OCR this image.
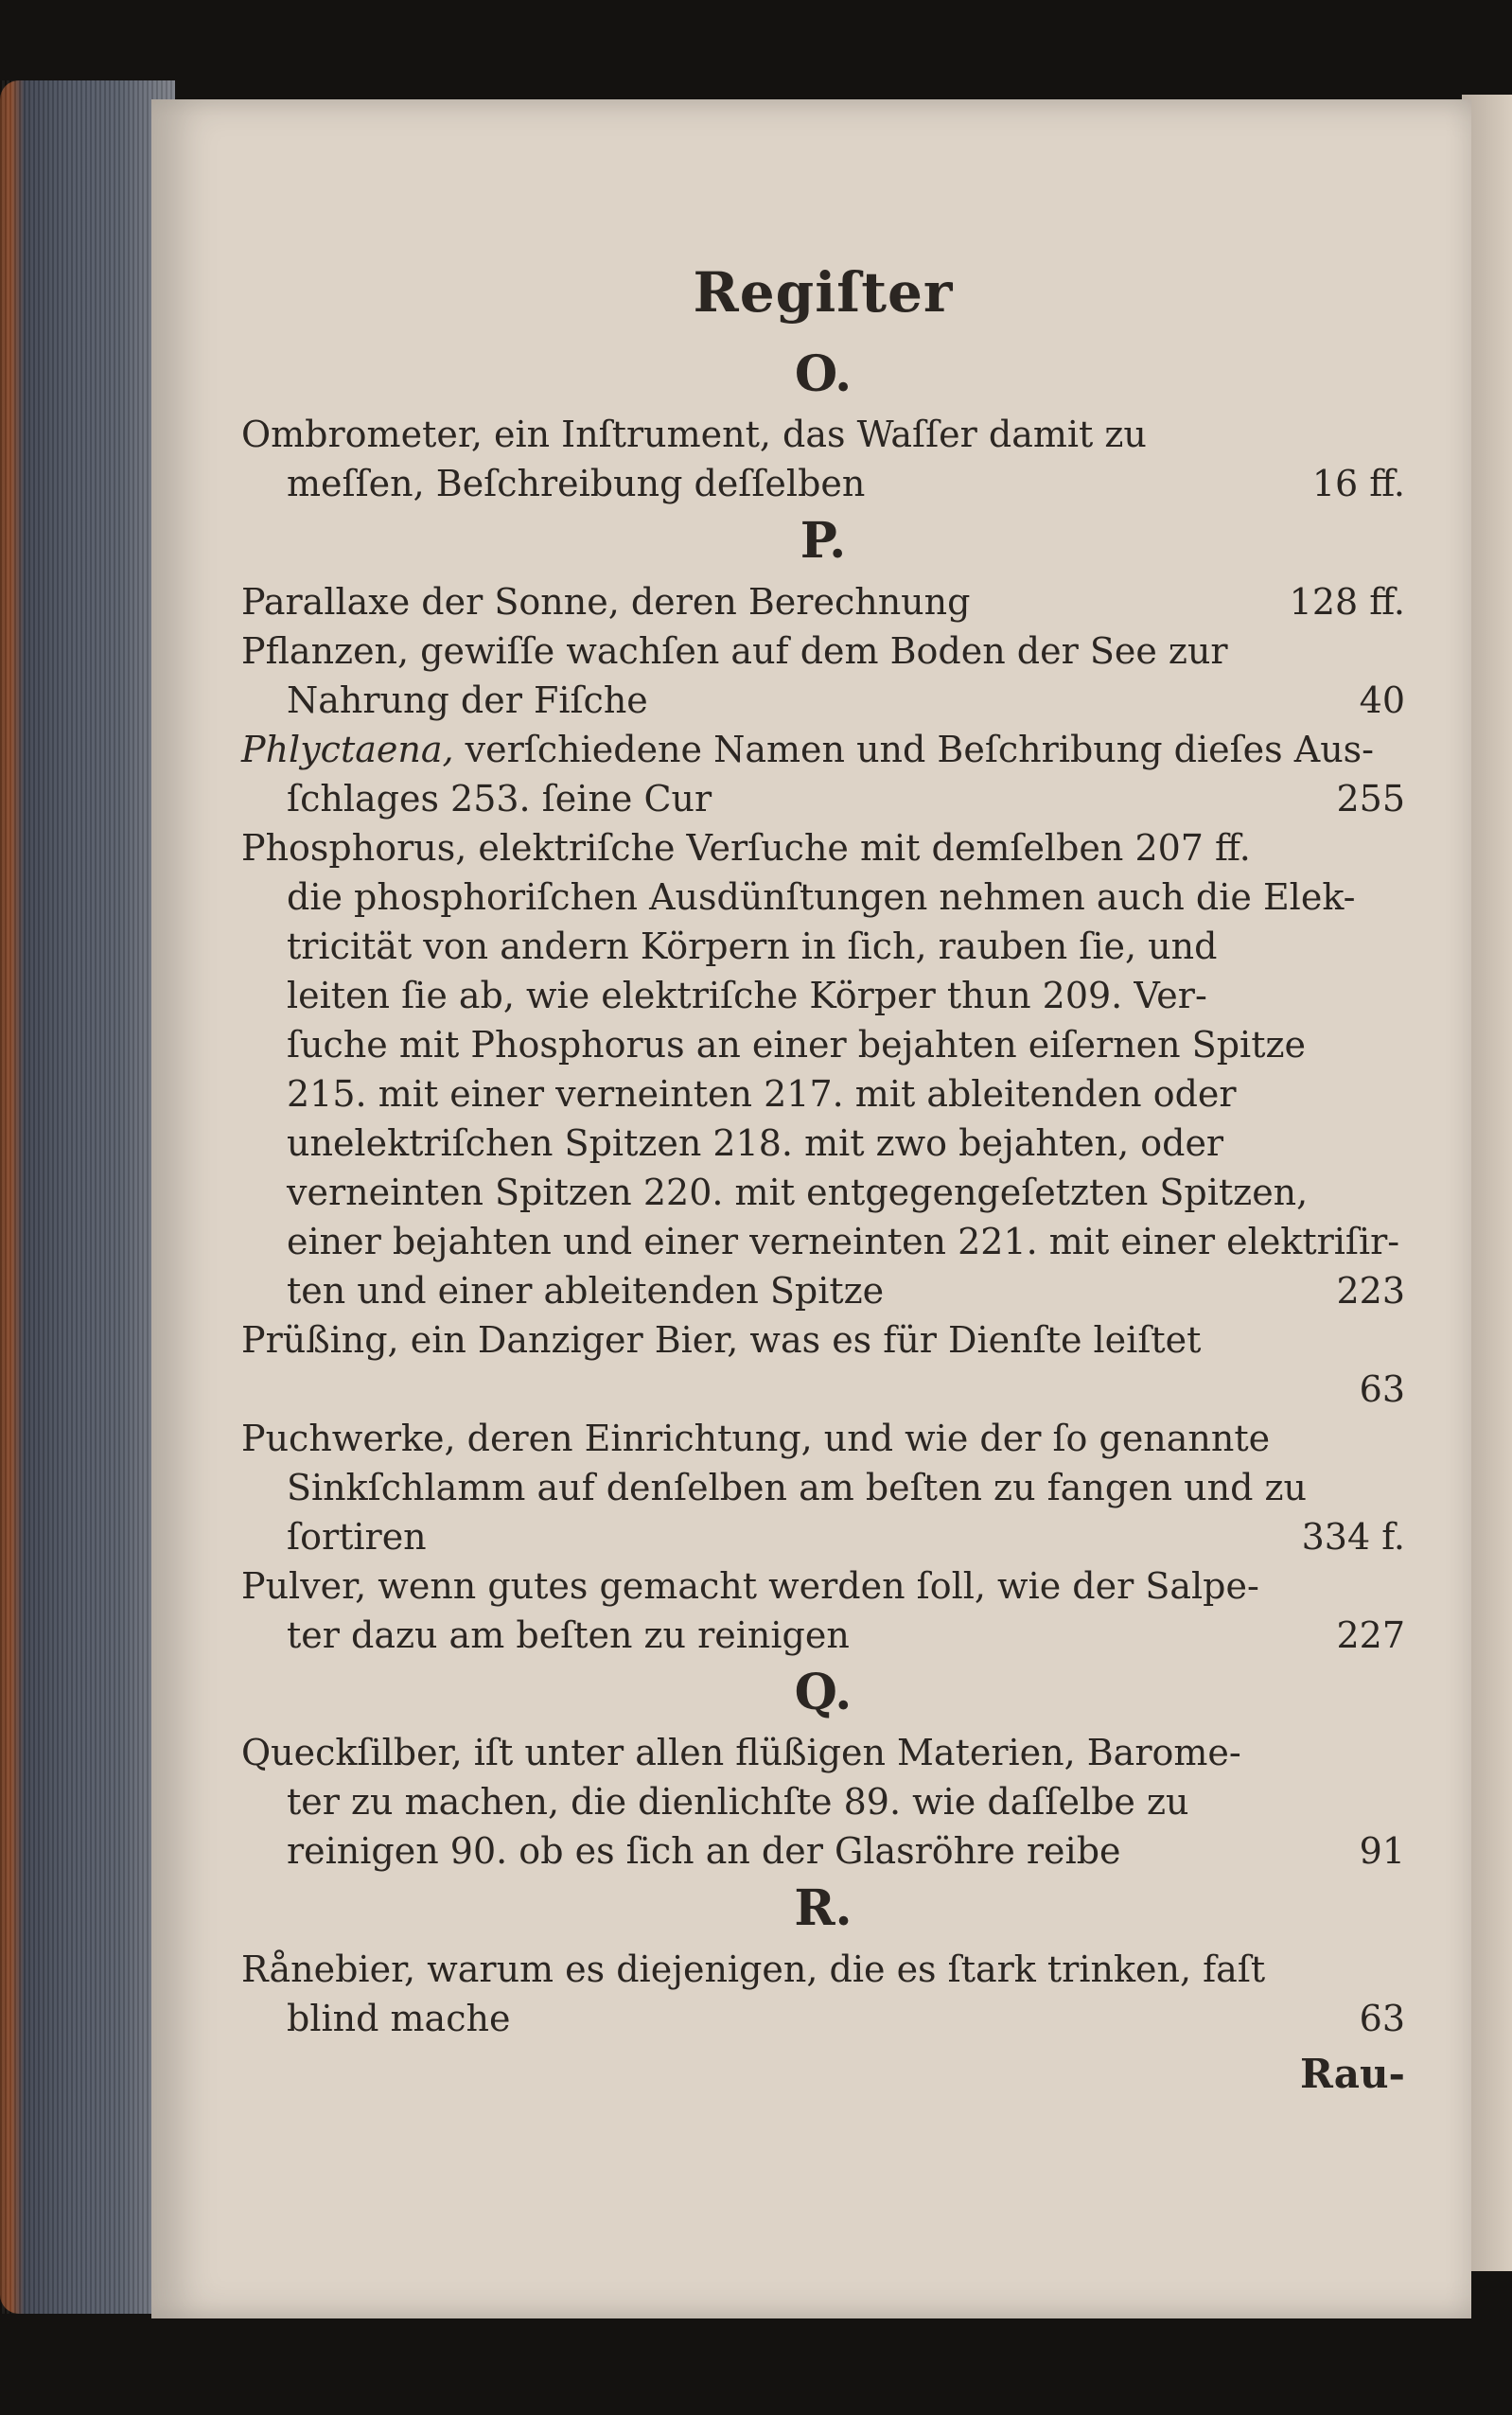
Regiſter
O.
Ombrometer, ein Inſtrument, das Waſſer damit zu
meſſen, Beſchreibung deſſelben	16 ff.
P.
Parallaxe der Sonne, deren Berechnung	128 ff.
Pflanzen, gewiſſe wachſen auf dem Boden der See zur
Nahrung der Fiſche	40
Phlyctaena, verſchiedene Namen und Beſchribung dieſes Aus-
ſchlages 253. ſeine Cur	255
Phosphorus, elektriſche Verſuche mit demſelben 207 ff.
die phosphoriſchen Ausdünſtungen nehmen auch die Elek-
tricität von andern Körpern in ſich, rauben ſie, und
leiten ſie ab, wie elektriſche Körper thun 209. Ver-
ſuche mit Phosphorus an einer bejahten eiſernen Spitze
215. mit einer verneinten 217. mit ableitenden oder
unelektriſchen Spitzen 218. mit zwo bejahten, oder
verneinten Spitzen 220. mit entgegengeſetzten Spitzen,
einer bejahten und einer verneinten 221. mit einer elektriſir-
ten und einer ableitenden Spitze	223
Prüßing, ein Danziger Bier, was es für Dienſte leiſtet
63
Puchwerke, deren Einrichtung, und wie der ſo genannte
Sinkſchlamm auf denſelben am beſten zu fangen und zu
ſortiren	334 f.
Pulver, wenn gutes gemacht werden ſoll, wie der Salpe-
ter dazu am beſten zu reinigen	227
Q.
Queckſilber, iſt unter allen flüßigen Materien, Barome-
ter zu machen, die dienlichſte 89. wie daſſelbe zu
reinigen 90. ob es ſich an der Glasröhre reibe	91
R.
Rånebier, warum es diejenigen, die es ſtark trinken, faſt
blind mache	63
Rau-
